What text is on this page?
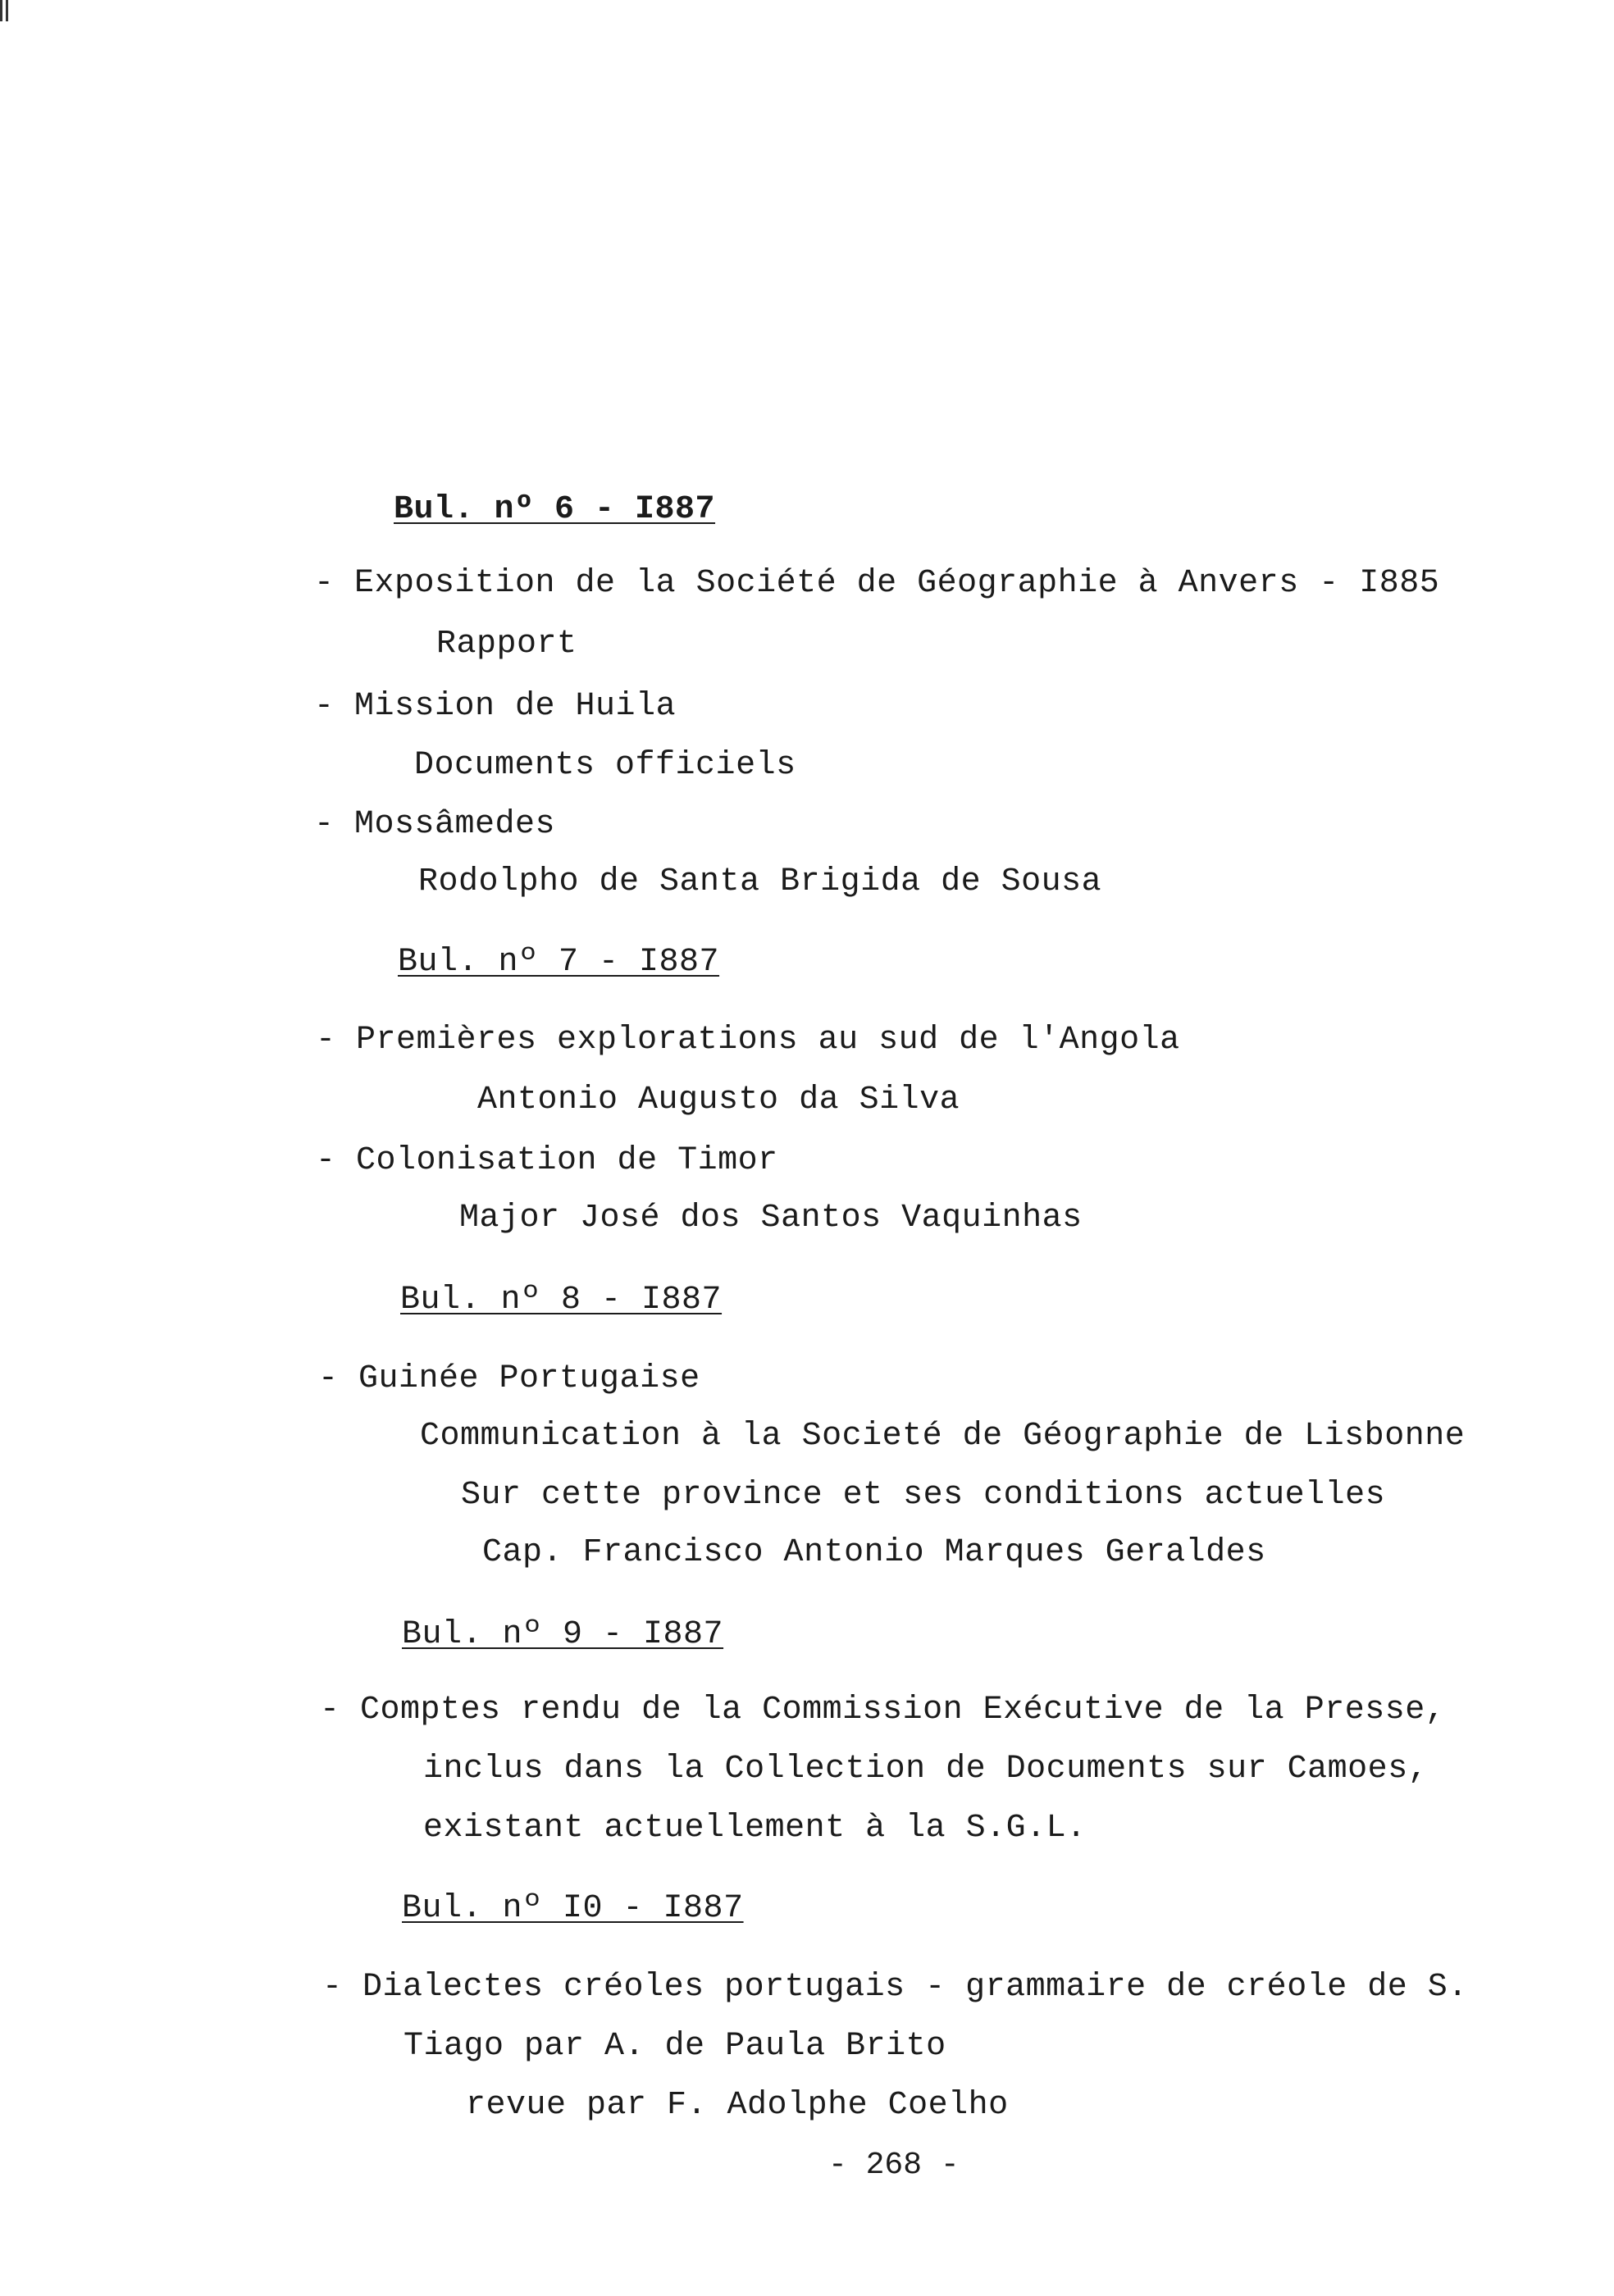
Bul. nº 6 - I887
- Exposition de la Société de Géographie à Anvers - I885
Rapport
- Mission de Huila
Documents officiels
- Mossâmedes
Rodolpho de Santa Brigida de Sousa
Bul. nº 7 - I887
- Premières explorations au sud de l'Angola
Antonio Augusto da Silva
- Colonisation de Timor
Major José dos Santos Vaquinhas
Bul. nº 8 - I887
- Guinée Portugaise
Communication à la Societé de Géographie de Lisbonne
Sur cette province et ses conditions actuelles
Cap. Francisco Antonio Marques Geraldes
Bul. nº 9 - I887
- Comptes rendu de la Commission Exécutive de la Presse,
inclus dans la Collection de Documents sur Camoes,
existant actuellement à la S.G.L.
Bul. nº I0 - I887
- Dialectes créoles portugais - grammaire de créole de S.
Tiago par A. de Paula Brito
revue par F. Adolphe Coelho
- 268 -
